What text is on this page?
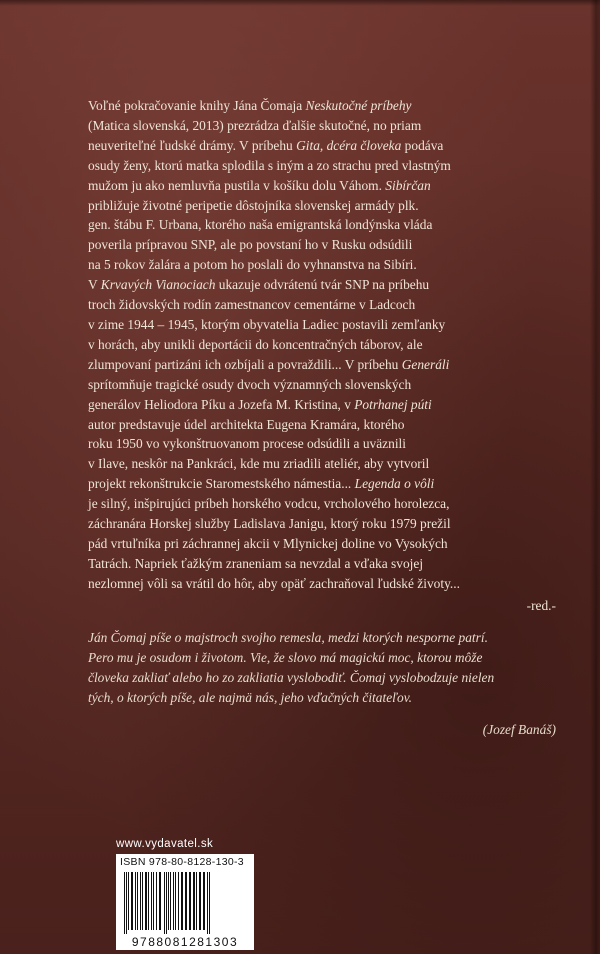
Voľné pokračovanie knihy Jána Čomaja Neskutočné príbehy
(Matica slovenská, 2013) prezrádza ďalšie skutočné, no priam
neuveriteľné ľudské drámy. V príbehu Gita, dcéra človeka podáva
osudy ženy, ktorú matka splodila s iným a zo strachu pred vlastným
mužom ju ako nemluvňa pustila v košíku dolu Váhom. Sibírčan
približuje životné peripetie dôstojníka slovenskej armády plk.
gen. štábu F. Urbana, ktorého naša emigrantská londýnska vláda
poverila prípravou SNP, ale po povstaní ho v Rusku odsúdili
na 5 rokov žalára a potom ho poslali do vyhnanstva na Sibíri.
V Krvavých Vianociach ukazuje odvrátenú tvár SNP na príbehu
troch židovských rodín zamestnancov cementárne v Ladcoch
v zime 1944 – 1945, ktorým obyvatelia Ladiec postavili zemľanky
v horách, aby unikli deportácii do koncentračných táborov, ale
zlumpovaní partizáni ich ozbíjali a povraždili... V príbehu Generáli
sprítomňuje tragické osudy dvoch významných slovenských
generálov Heliodora Píku a Jozefa M. Kristina, v Potrhanej púti
autor predstavuje údel architekta Eugena Kramára, ktorého
roku 1950 vo vykonštruovanom procese odsúdili a uväznili
v Ilave, neskôr na Pankráci, kde mu zriadili ateliér, aby vytvoril
projekt rekonštrukcie Staromestského námestia... Legenda o vôli
je silný, inšpirujúci príbeh horského vodcu, vrcholového horolezca,
záchranára Horskej služby Ladislava Janigu, ktorý roku 1979 prežil
pád vrtuľníka pri záchrannej akcii v Mlynickej doline vo Vysokých
Tatrách. Napriek ťažkým zraneniam sa nevzdal a vďaka svojej
nezlomnej vôli sa vrátil do hôr, aby opäť zachraňoval ľudské životy...
-red.-
Ján Čomaj píše o majstroch svojho remesla, medzi ktorých nesporne patrí.
Pero mu je osudom i životom. Vie, že slovo má magickú moc, ktorou môže
človeka zakliať alebo ho zo zakliatia vyslobodiť. Čomaj vyslobodzuje nielen
tých, o ktorých píše, ale najmä nás, jeho vďačných čitateľov.
(Jozef Banáš)
www.vydavatel.sk
ISBN 978-80-8128-130-3
9788081281303
